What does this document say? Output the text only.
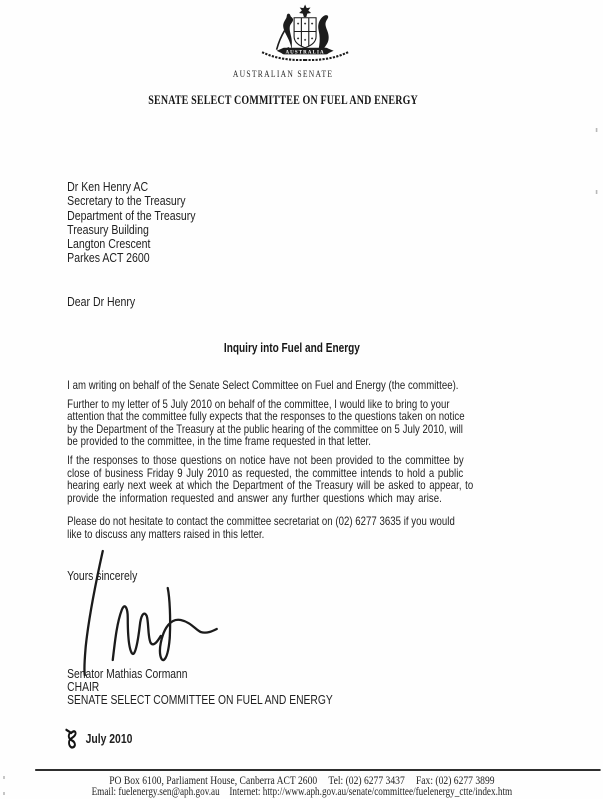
AUSTRALIA
AUSTRALIAN SENATE
SENATE SELECT COMMITTEE ON FUEL AND ENERGY
Dr Ken Henry AC
Secretary to the Treasury
Department of the Treasury
Treasury Building
Langton Crescent
Parkes ACT 2600
Dear Dr Henry
Inquiry into Fuel and Energy
I am writing on behalf of the Senate Select Committee on Fuel and Energy (the committee).
Further to my letter of 5 July 2010 on behalf of the committee, I would like to bring to your
attention that the committee fully expects that the responses to the questions taken on notice
by the Department of the Treasury at the public hearing of the committee on 5 July 2010, will
be provided to the committee, in the time frame requested in that letter.
If the responses to those questions on notice have not been provided to the committee by
close of business Friday 9 July 2010 as requested, the committee intends to hold a public
hearing early next week at which the Department of the Treasury will be asked to appear, to
provide the information requested and answer any further questions which may arise.
Please do not hesitate to contact the committee secretariat on (02) 6277 3635 if you would
like to discuss any matters raised in this letter.
Yours sincerely
Senator Mathias Cormann
CHAIR
SENATE SELECT COMMITTEE ON FUEL AND ENERGY
July 2010
PO Box 6100, Parliament House, Canberra ACT 2600 Tel: (02) 6277 3437 Fax: (02) 6277 3899
Email: fuelenergy.sen@aph.gov.au Internet: http://www.aph.gov.au/senate/committee/fuelenergy_ctte/index.htm
